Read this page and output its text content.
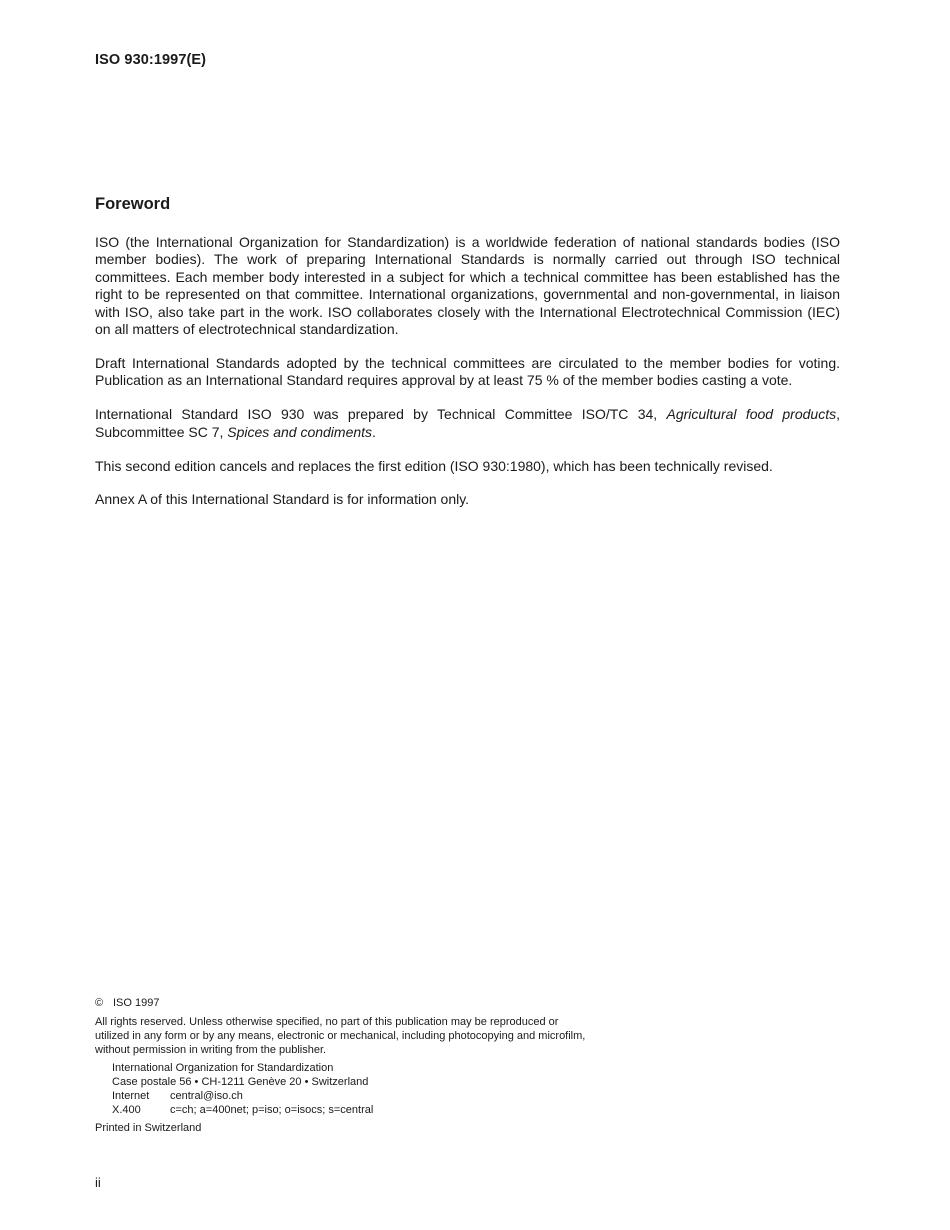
ISO 930:1997(E)
Foreword

ISO (the International Organization for Standardization) is a worldwide federation of national standards bodies (ISO member bodies). The work of preparing International Standards is normally carried out through ISO technical committees. Each member body interested in a subject for which a technical committee has been established has the right to be represented on that committee. International organizations, governmental and non-governmental, in liaison with ISO, also take part in the work. ISO collaborates closely with the International Electrotechnical Commission (IEC) on all matters of electrotechnical standardization.

Draft International Standards adopted by the technical committees are circulated to the member bodies for voting. Publication as an International Standard requires approval by at least 75 % of the member bodies casting a vote.

International Standard ISO 930 was prepared by Technical Committee ISO/TC 34, Agricultural food products, Subcommittee SC 7, Spices and condiments.

This second edition cancels and replaces the first edition (ISO 930:1980), which has been technically revised.

Annex A of this International Standard is for information only.

© ISO 1997
All rights reserved. Unless otherwise specified, no part of this publication may be reproduced or utilized in any form or by any means, electronic or mechanical, including photocopying and microfilm, without permission in writing from the publisher.
International Organization for Standardization
Case postale 56 • CH-1211 Genève 20 • Switzerland
Internet central@iso.ch
X.400	c=ch; a=400net; p=iso; o=isocs; s=central
Printed in Switzerland
ii
